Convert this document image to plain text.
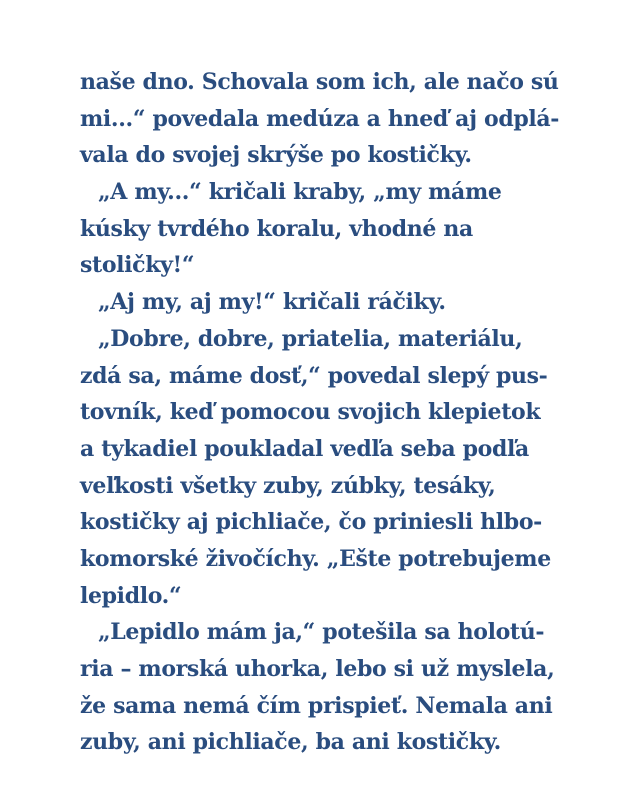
naše dno. Schovala som ich, ale načo sú
mi...“ povedala medúza a hneď aj odplá-
vala do svojej skrýše po kostičky.
„A my...“ kričali kraby, „my máme
kúsky tvrdého koralu, vhodné na
stoličky!“
„Aj my, aj my!“ kričali ráčiky.
„Dobre, dobre, priatelia, materiálu,
zdá sa, máme dosť,“ povedal slepý pus-
tovník, keď pomocou svojich klepietok
a tykadiel poukladal vedľa seba podľa
veľkosti všetky zuby, zúbky, tesáky,
kostičky aj pichliače, čo priniesli hlbo-
komorské živočíchy. „Ešte potrebujeme
lepidlo.“
„Lepidlo mám ja,“ potešila sa holotú-
ria – morská uhorka, lebo si už myslela,
že sama nemá čím prispieť. Nemala ani
zuby, ani pichliače, ba ani kostičky.
